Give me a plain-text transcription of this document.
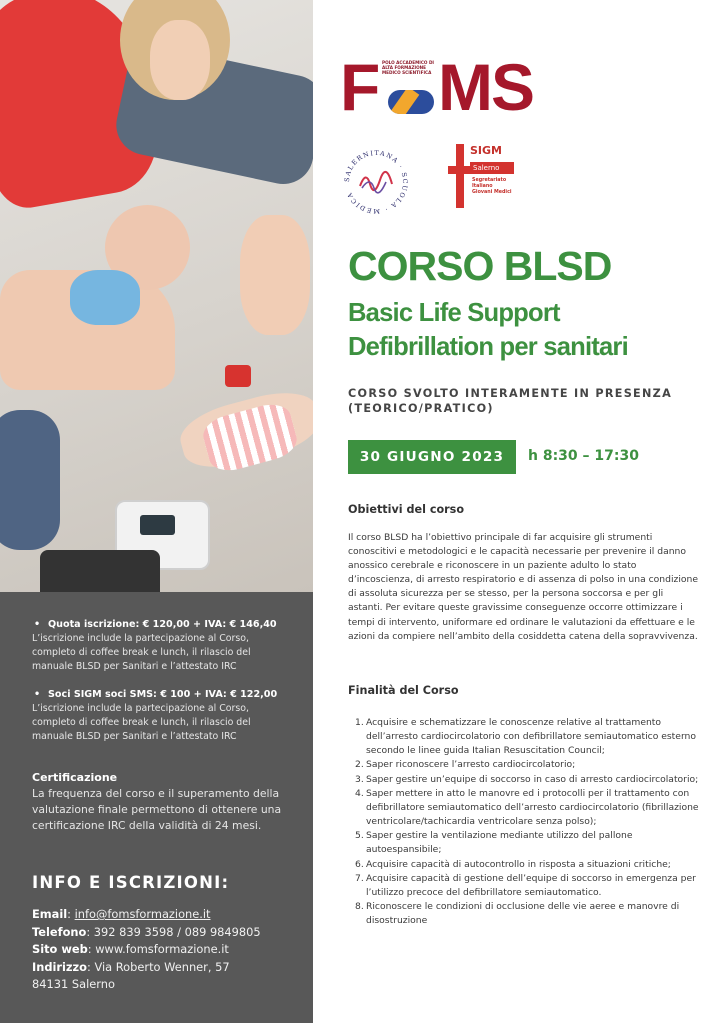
• Quota iscrizione: € 120,00 + IVA: € 146,40
L’iscrizione include la partecipazione al Corso, completo di coffee break e lunch, il rilascio del manuale BLSD per Sanitari e l’attestato IRC
• Soci SIGM soci SMS: € 100 + IVA: € 122,00
L’iscrizione include la partecipazione al Corso, completo di coffee break e lunch, il rilascio del manuale BLSD per Sanitari e l’attestato IRC
Certificazione
La frequenza del corso e il superamento della valutazione finale permettono di ottenere una certificazione IRC della validità di 24 mesi.
INFO E ISCRIZIONI:
Email: info@fomsformazione.it
Telefono: 392 839 3598 / 089 9849805
Sito web: www.fomsformazione.it
Indirizzo: Via Roberto Wenner, 57
84131 Salerno
F POLO ACCADEMICO DI ALTA FORMAZIONE MEDICO SCIENTIFICA MS
SALERNITANA · SCUOLA · MEDICA
SIGM
Salerno
Segretariato Italiano Giovani Medici
CORSO BLSD
Basic Life Support
Defibrillation per sanitari
CORSO SVOLTO INTERAMENTE IN PRESENZA (TEORICO/PRATICO)
30 GIUGNO 2023	h 8:30 – 17:30
Obiettivi del corso
Il corso BLSD ha l’obiettivo principale di far acquisire gli strumenti conoscitivi e metodologici e le capacità necessarie per prevenire il danno anossico cerebrale e riconoscere in un paziente adulto lo stato d’incoscienza, di arresto respiratorio e di assenza di polso in una condizione di assoluta sicurezza per se stesso, per la persona soccorsa e per gli astanti. Per evitare queste gravissime conseguenze occorre ottimizzare i tempi di intervento, uniformare ed ordinare le valutazioni da effettuare e le azioni da compiere nell’ambito della cosiddetta catena della sopravvivenza.
Finalità del Corso
1. Acquisire e schematizzare le conoscenze relative al trattamento dell’arresto cardiocircolatorio con defibrillatore semiautomatico esterno secondo le linee guida Italian Resuscitation Council;
2. Saper riconoscere l’arresto cardiocircolatorio;
3. Saper gestire un’equipe di soccorso in caso di arresto cardiocircolatorio;
4. Saper mettere in atto le manovre ed i protocolli per il trattamento con defibrillatore semiautomatico dell’arresto cardiocircolatorio (fibrillazione ventricolare/tachicardia ventricolare senza polso);
5. Saper gestire la ventilazione mediante utilizzo del pallone autoespansibile;
6. Acquisire capacità di autocontrollo in risposta a situazioni critiche;
7. Acquisire capacità di gestione dell’equipe di soccorso in emergenza per l’utilizzo precoce del defibrillatore semiautomatico.
8. Riconoscere le condizioni di occlusione delle vie aeree e manovre di disostruzione
